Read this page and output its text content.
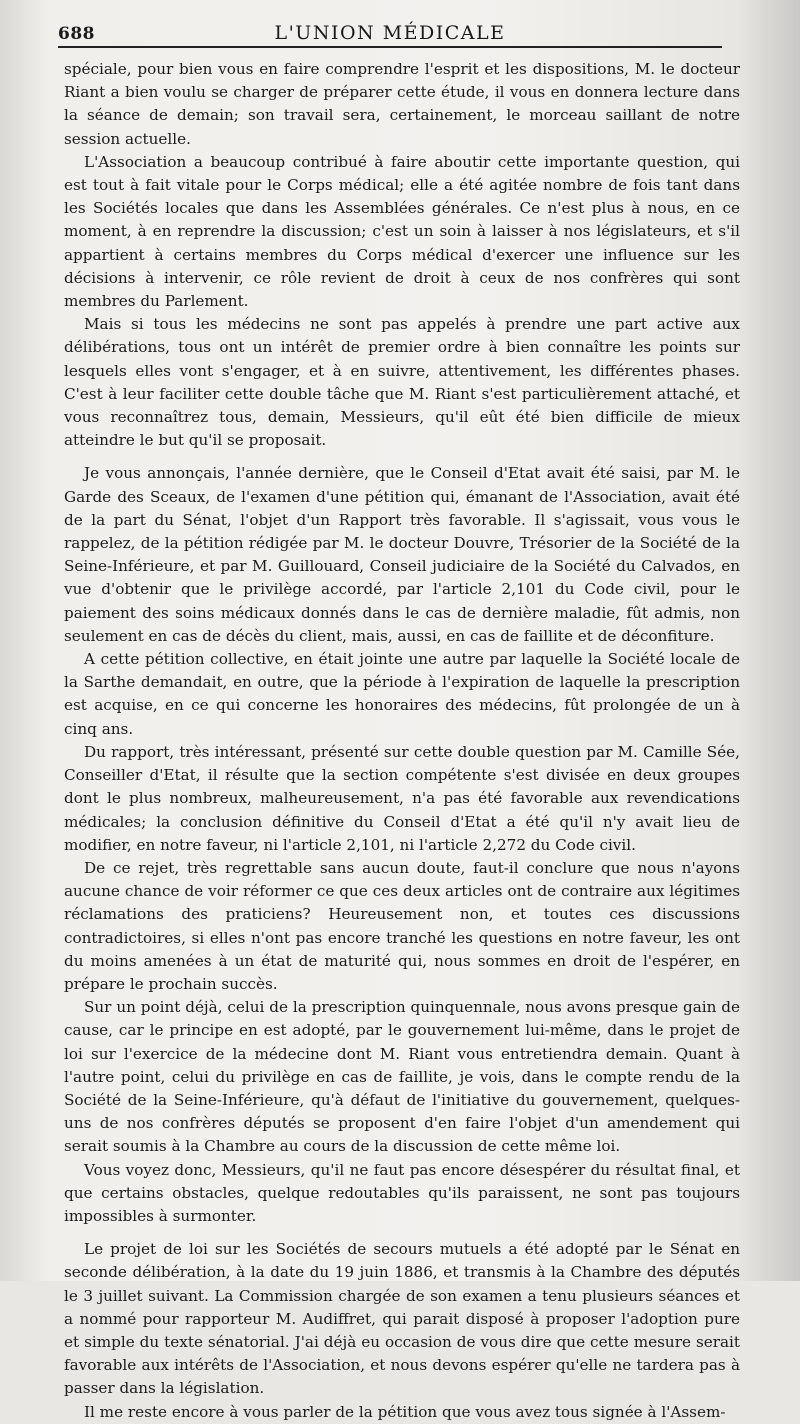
688	L'UNION MÉDICALE

spéciale, pour bien vous en faire comprendre l'esprit et les dispositions, M. le docteur Riant a bien voulu se charger de préparer cette étude, il vous en donnera lecture dans la séance de demain; son travail sera, certainement, le morceau saillant de notre session actuelle.

L'Association a beaucoup contribué à faire aboutir cette importante question, qui est tout à fait vitale pour le Corps médical; elle a été agitée nombre de fois tant dans les Sociétés locales que dans les Assemblées générales. Ce n'est plus à nous, en ce moment, à en reprendre la discussion; c'est un soin à laisser à nos législateurs, et s'il appartient à certains membres du Corps médical d'exercer une influence sur les décisions à intervenir, ce rôle revient de droit à ceux de nos confrères qui sont membres du Parlement.

Mais si tous les médecins ne sont pas appelés à prendre une part active aux délibérations, tous ont un intérêt de premier ordre à bien connaître les points sur lesquels elles vont s'engager, et à en suivre, attentivement, les différentes phases. C'est à leur faciliter cette double tâche que M. Riant s'est particulièrement attaché, et vous reconnaîtrez tous, demain, Messieurs, qu'il eût été bien difficile de mieux atteindre le but qu'il se proposait.

Je vous annonçais, l'année dernière, que le Conseil d'Etat avait été saisi, par M. le Garde des Sceaux, de l'examen d'une pétition qui, émanant de l'Association, avait été de la part du Sénat, l'objet d'un Rapport très favorable. Il s'agissait, vous vous le rappelez, de la pétition rédigée par M. le docteur Douvre, Trésorier de la Société de la Seine-Inférieure, et par M. Guillouard, Conseil judiciaire de la Société du Calvados, en vue d'obtenir que le privilège accordé, par l'article 2,101 du Code civil, pour le paiement des soins médicaux donnés dans le cas de dernière maladie, fût admis, non seulement en cas de décès du client, mais, aussi, en cas de faillite et de déconfiture.

A cette pétition collective, en était jointe une autre par laquelle la Société locale de la Sarthe demandait, en outre, que la période à l'expiration de laquelle la prescription est acquise, en ce qui concerne les honoraires des médecins, fût prolongée de un à cinq ans.

Du rapport, très intéressant, présenté sur cette double question par M. Camille Sée, Conseiller d'Etat, il résulte que la section compétente s'est divisée en deux groupes dont le plus nombreux, malheureusement, n'a pas été favorable aux revendications médicales; la conclusion définitive du Conseil d'Etat a été qu'il n'y avait lieu de modifier, en notre faveur, ni l'article 2,101, ni l'article 2,272 du Code civil.

De ce rejet, très regrettable sans aucun doute, faut-il conclure que nous n'ayons aucune chance de voir réformer ce que ces deux articles ont de contraire aux légitimes réclamations des praticiens? Heureusement non, et toutes ces discussions contradictoires, si elles n'ont pas encore tranché les questions en notre faveur, les ont du moins amenées à un état de maturité qui, nous sommes en droit de l'espérer, en prépare le prochain succès.

Sur un point déjà, celui de la prescription quinquennale, nous avons presque gain de cause, car le principe en est adopté, par le gouvernement lui-même, dans le projet de loi sur l'exercice de la médecine dont M. Riant vous entretiendra demain. Quant à l'autre point, celui du privilège en cas de faillite, je vois, dans le compte rendu de la Société de la Seine-Inférieure, qu'à défaut de l'initiative du gouvernement, quelques-uns de nos confrères députés se proposent d'en faire l'objet d'un amendement qui serait soumis à la Chambre au cours de la discussion de cette même loi.

Vous voyez donc, Messieurs, qu'il ne faut pas encore désespérer du résultat final, et que certains obstacles, quelque redoutables qu'ils paraissent, ne sont pas toujours impossibles à surmonter.

Le projet de loi sur les Sociétés de secours mutuels a été adopté par le Sénat en seconde délibération, à la date du 19 juin 1886, et transmis à la Chambre des députés le 3 juillet suivant. La Commission chargée de son examen a tenu plusieurs séances et a nommé pour rapporteur M. Audiffret, qui parait disposé à proposer l'adoption pure et simple du texte sénatorial. J'ai déjà eu occasion de vous dire que cette mesure serait favorable aux intérêts de l'Association, et nous devons espérer qu'elle ne tardera pas à passer dans la législation.

Il me reste encore à vous parler de la pétition que vous avez tous signée à l'Assem-
